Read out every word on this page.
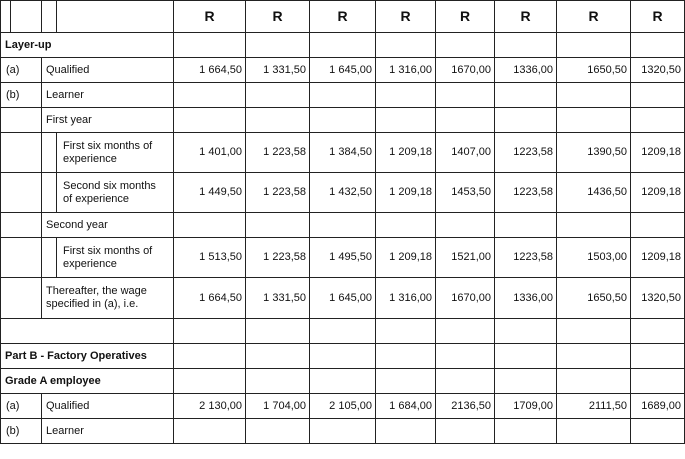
				R	R	R	R	R	R	R	R
Layer-up											
(a)		Qualified		1 664,50	1 331,50	1 645,00	1 316,00	1670,00	1336,00	1650,50	1320,50
(b)		Learner									
		First year									

			First six months of
experience	1 401,00	1 223,58	1 384,50	1 209,18	1407,00	1223,58	1390,50	1209,18

			Second six months
of experience	1 449,50	1 223,58	1 432,50	1 209,18	1453,50	1223,58	1436,50	1209,18
		Second year									

			First six months of
experience	1 513,50	1 223,58	1 495,50	1 209,18	1521,00	1223,58	1503,00	1209,18

		Thereafter, the wage
specified in (a), i.e.		1 664,50	1 331,50	1 645,00	1 316,00	1670,00	1336,00	1650,50	1320,50

Part B - Factory Operatives											
Grade A employee											
(a)		Qualified		2 130,00	1 704,00	2 105,00	1 684,00	2136,50	1709,00	2111,50	1689,00
(b)		Learner									
